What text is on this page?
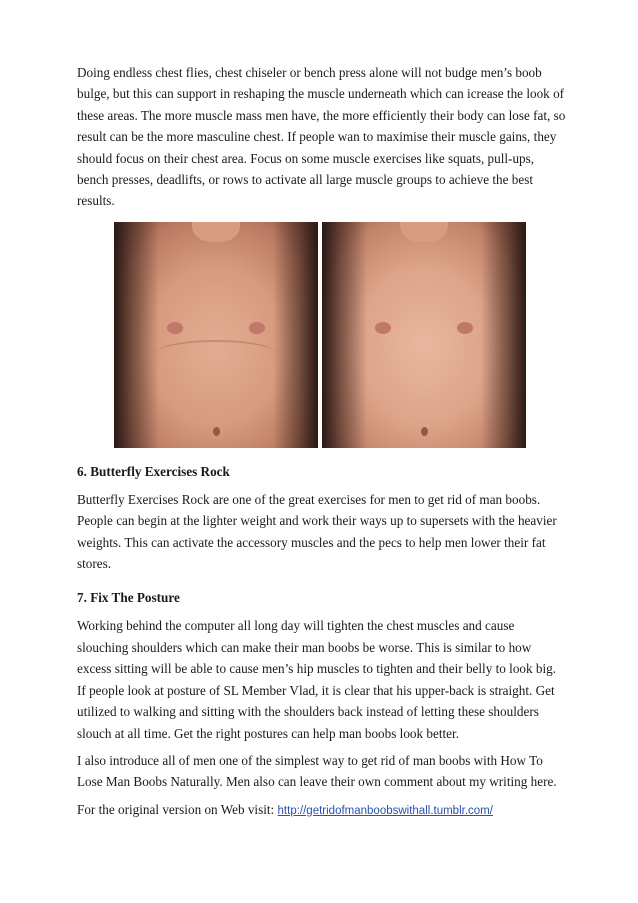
Doing endless chest flies, chest chiseler or bench press alone will not budge men’s boob bulge, but this can support in reshaping the muscle underneath which can icrease the look of these areas. The more muscle mass men have, the more efficiently their body can lose fat, so result can be the more masculine chest. If people wan to maximise their muscle gains, they should focus on their chest area. Focus on some muscle exercises like squats, pull-ups, bench presses, deadlifts, or rows to activate all large muscle groups to achieve the best results.

6. Butterfly Exercises Rock

Butterfly Exercises Rock are one of the great exercises for men to get rid of man boobs. People can begin at the lighter weight and work their ways up to supersets with the heavier weights. This can activate the accessory muscles and the pecs to help men lower their fat stores.

7. Fix The Posture

Working behind the computer all long day will tighten the chest muscles and cause slouching shoulders which can make their man boobs be worse. This is similar to how excess sitting will be able to cause men’s hip muscles to tighten and their belly to look big. If people look at posture of SL Member Vlad, it is clear that his upper-back is straight. Get utilized to walking and sitting with the shoulders back instead of letting these shoulders slouch at all time. Get the right postures can help man boobs look better.

I also introduce all of men one of the simplest way to get rid of man boobs with How To Lose Man Boobs Naturally. Men also can leave their own comment about my writing here.

For the original version on Web visit: http://getridofmanboobswithall.tumblr.com/
